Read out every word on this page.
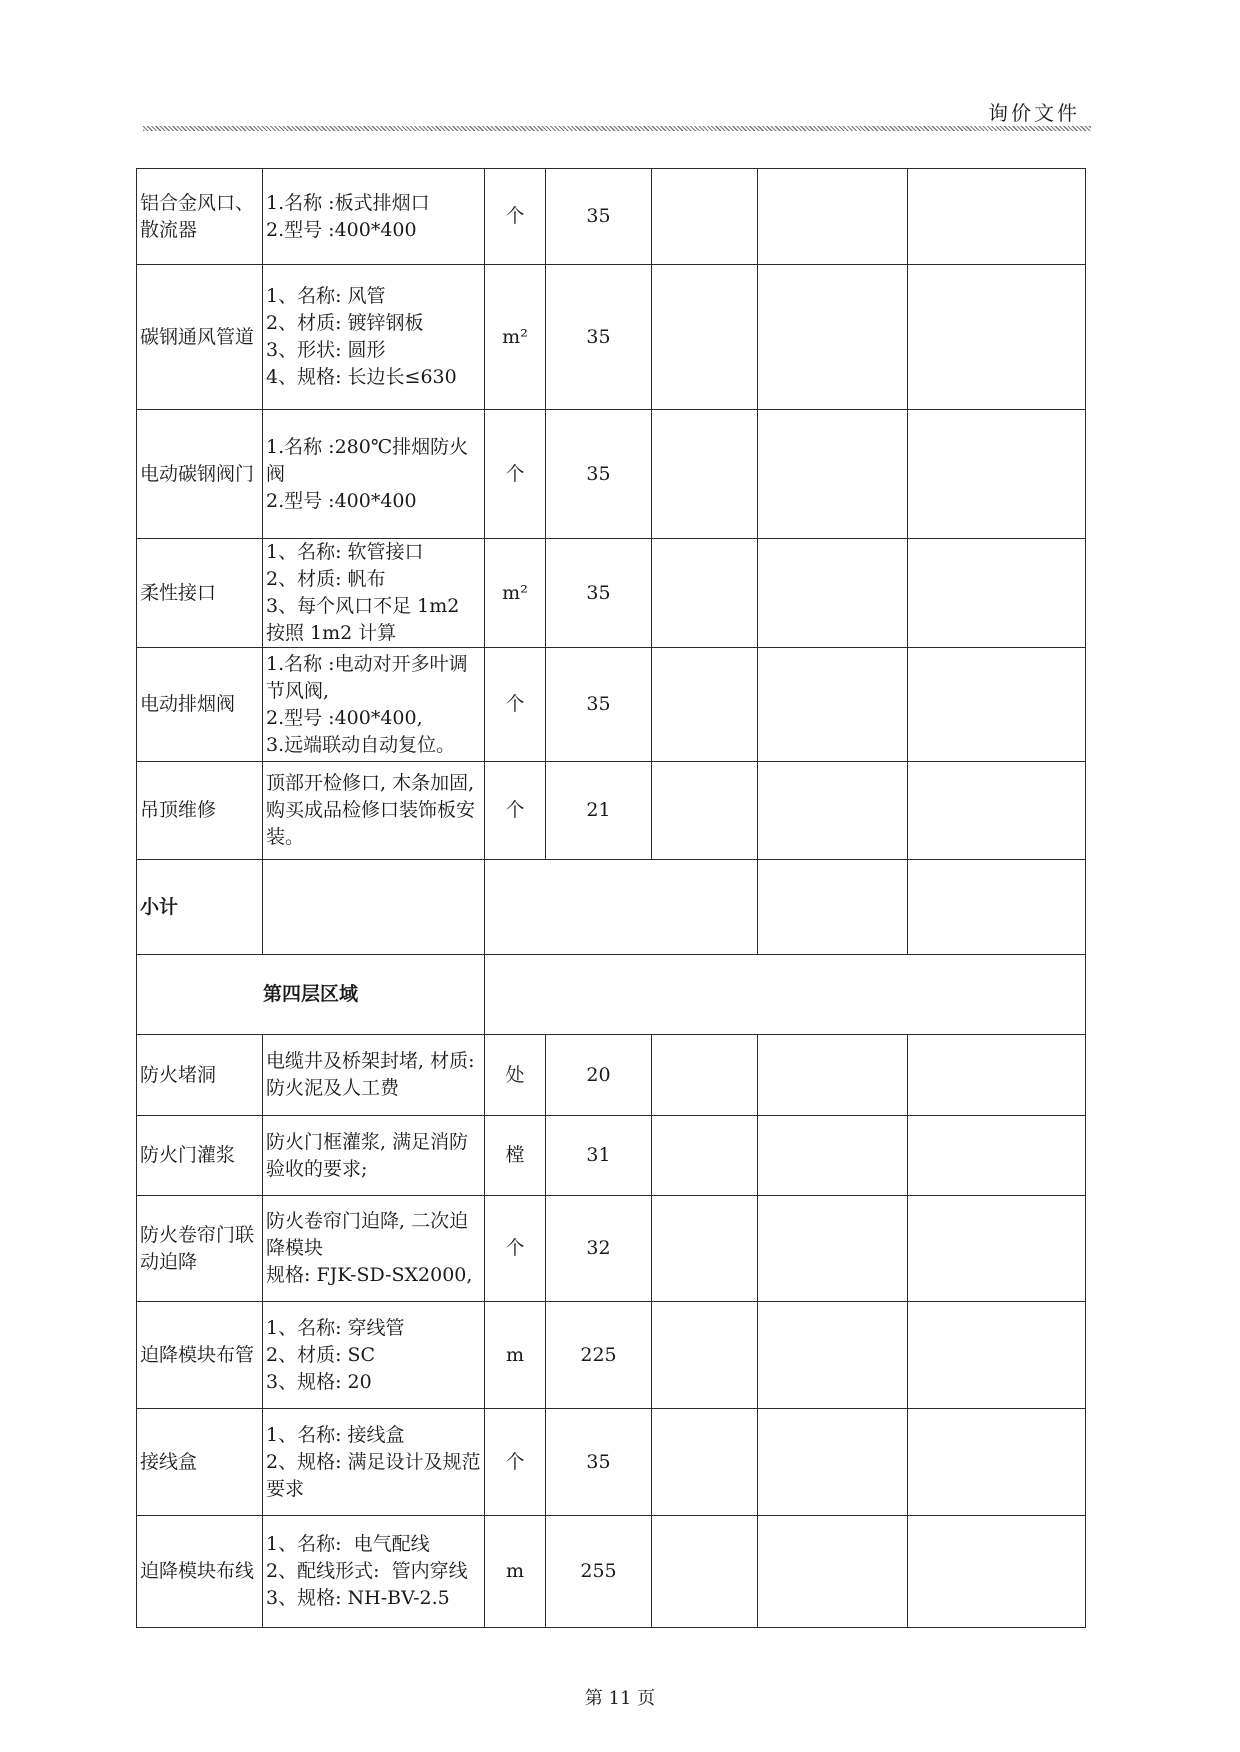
询价文件
铝合金风口、散流器	1.名称 :板式排烟口
2.型号 :400*400	个	35			
碳钢通风管道	1、名称: 风管
2、材质: 镀锌钢板
3、形状: 圆形
4、规格: 长边长≤630	m²	35			
电动碳钢阀门	1.名称 :280℃排烟防火阀
2.型号 :400*400	个	35			
柔性接口	1、名称: 软管接口
2、材质: 帆布
3、每个风口不足 1m2 按照 1m2 计算	m²	35			
电动排烟阀	1.名称 :电动对开多叶调节风阀,
2.型号 :400*400,
3.远端联动自动复位。	个	35			
吊顶维修	顶部开检修口, 木条加固, 购买成品检修口装饰板安装。	个	21			
小计						
第四层区域						
防火堵洞	电缆井及桥架封堵, 材质: 防火泥及人工费	处	20			
防火门灌浆	防火门框灌浆, 满足消防验收的要求;	樘	31			
防火卷帘门联动迫降	防火卷帘门迫降, 二次迫降模块
规格: FJK-SD-SX2000,	个	32			
迫降模块布管	1、名称: 穿线管
2、材质: SC
3、规格: 20	m	225			
接线盒	1、名称: 接线盒
2、规格: 满足设计及规范要求	个	35			
迫降模块布线	1、名称:  电气配线
2、配线形式:  管内穿线
3、规格: NH-BV-2.5	m	255			
第 11 页
